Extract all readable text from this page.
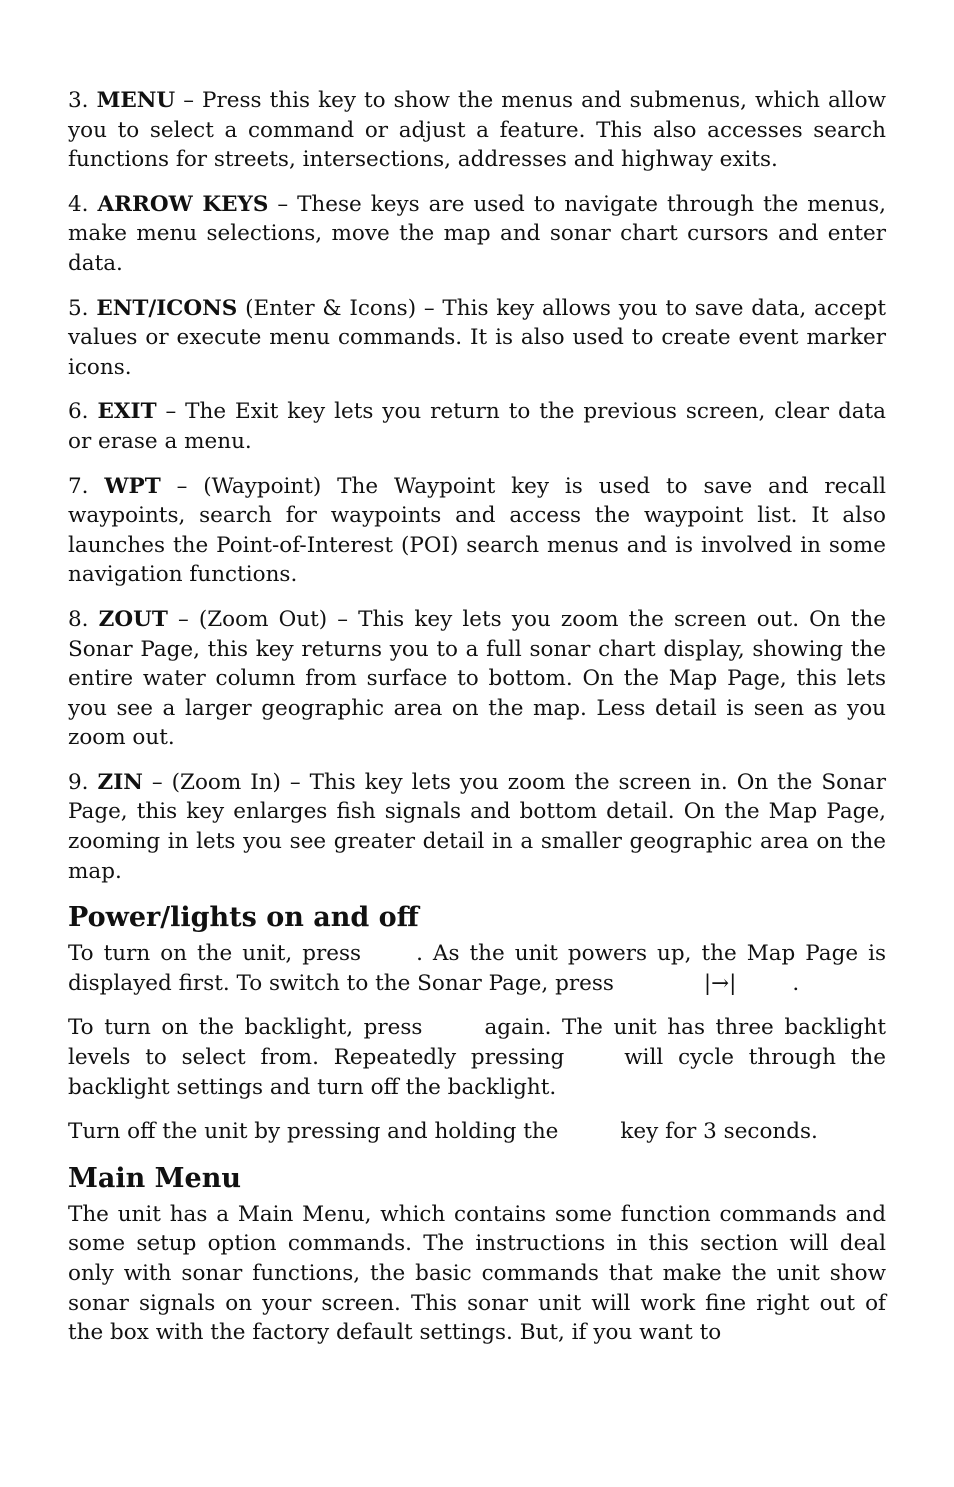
3. MENU – Press this key to show the menus and submenus, which allow you to select a command or adjust a feature. This also accesses search functions for streets, intersections, addresses and highway exits.

4. ARROW KEYS – These keys are used to navigate through the menus, make menu selections, move the map and sonar chart cursors and enter data.

5. ENT/ICONS (Enter & Icons) – This key allows you to save data, accept values or execute menu commands. It is also used to create event marker icons.

6. EXIT – The Exit key lets you return to the previous screen, clear data or erase a menu.

7. WPT – (Waypoint) The Waypoint key is used to save and recall waypoints, search for waypoints and access the waypoint list. It also launches the Point-of-Interest (POI) search menus and is involved in some navigation functions.

8. ZOUT – (Zoom Out) – This key lets you zoom the screen out. On the Sonar Page, this key returns you to a full sonar chart display, showing the entire water column from surface to bottom. On the Map Page, this lets you see a larger geographic area on the map. Less detail is seen as you zoom out.

9. ZIN – (Zoom In) – This key lets you zoom the screen in. On the Sonar Page, this key enlarges fish signals and bottom detail. On the Map Page, zooming in lets you see greater detail in a smaller geographic area on the map.

Power/lights on and off

To turn on the unit, press	. As the unit powers up, the Map Page is displayed first. To switch to the Sonar Page, press	|→|	.

To turn on the backlight, press	again. The unit has three backlight levels to select from. Repeatedly pressing	will cycle through the backlight settings and turn off the backlight.

Turn off the unit by pressing and holding the	key for 3 seconds.

Main Menu

The unit has a Main Menu, which contains some function commands and some setup option commands. The instructions in this section will deal only with sonar functions, the basic commands that make the unit show sonar signals on your screen. This sonar unit will work fine right out of the box with the factory default settings. But, if you want to
